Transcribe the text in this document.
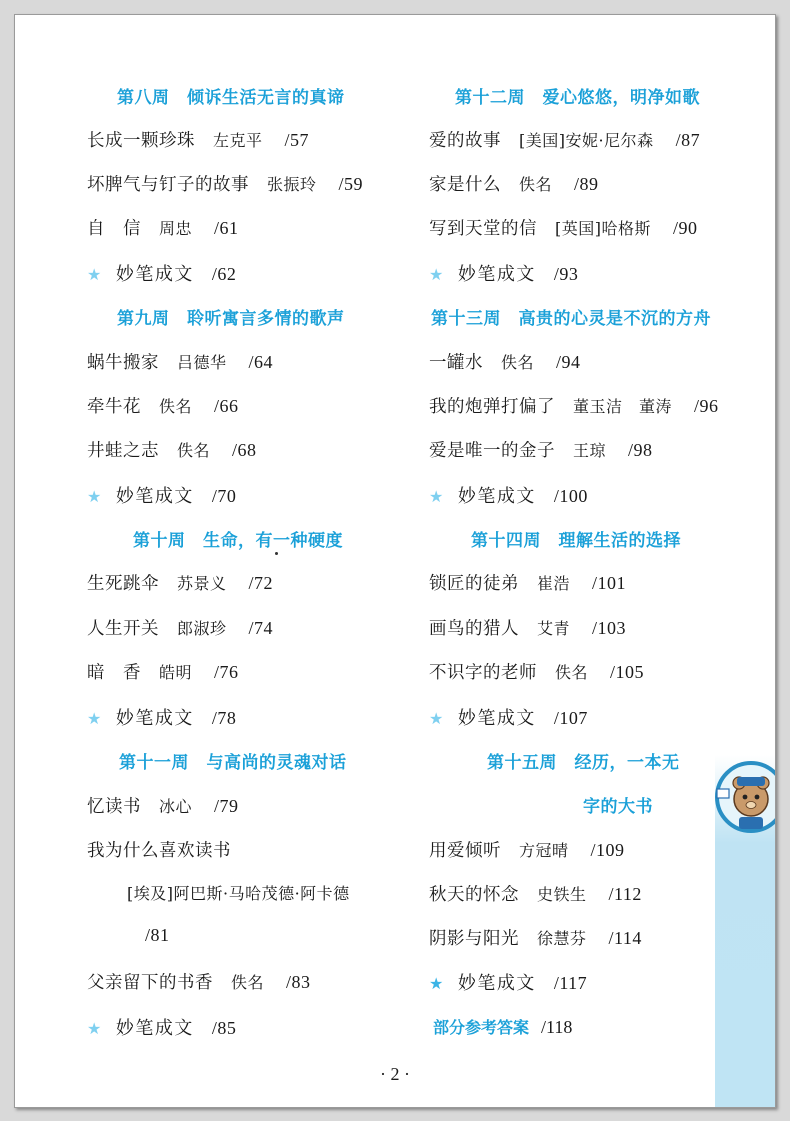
第八周　倾诉生活无言的真谛
长成一颗珍珠 左克平 /57
坏脾气与钉子的故事 张振玲 /59
自　信 周忠 /61
★ 妙笔成文 /62
第九周　聆听寓言多情的歌声
蜗牛搬家 吕德华 /64
牵牛花 佚名 /66
井蛙之志 佚名 /68
★ 妙笔成文 /70
第十周　生命，有一种硬度
生死跳伞 苏景义 /72
人生开关 郎淑珍 /74
暗　香 皓明 /76
★ 妙笔成文 /78
第十一周　与高尚的灵魂对话
忆读书 冰心 /79
我为什么喜欢读书
[埃及]阿巴斯·马哈茂德·阿卡德
/81
父亲留下的书香 佚名 /83
★ 妙笔成文 /85
第十二周　爱心悠悠，明净如歌
爱的故事 [美国]安妮·尼尔森 /87
家是什么 佚名 /89
写到天堂的信 [英国]哈格斯 /90
★ 妙笔成文 /93
第十三周　高贵的心灵是不沉的方舟
一罐水 佚名 /94
我的炮弹打偏了 董玉洁　董涛 /96
爱是唯一的金子 王琼 /98
★ 妙笔成文 /100
第十四周　理解生活的选择
锁匠的徒弟 崔浩 /101
画鸟的猎人 艾青 /103
不识字的老师 佚名 /105
★ 妙笔成文 /107
第十五周　经历，一本无
字的大书
用爱倾听 方冠晴 /109
秋天的怀念 史铁生 /112
阴影与阳光 徐慧芬 /114
★ 妙笔成文 /117
部分参考答案 /118
· 2 ·
